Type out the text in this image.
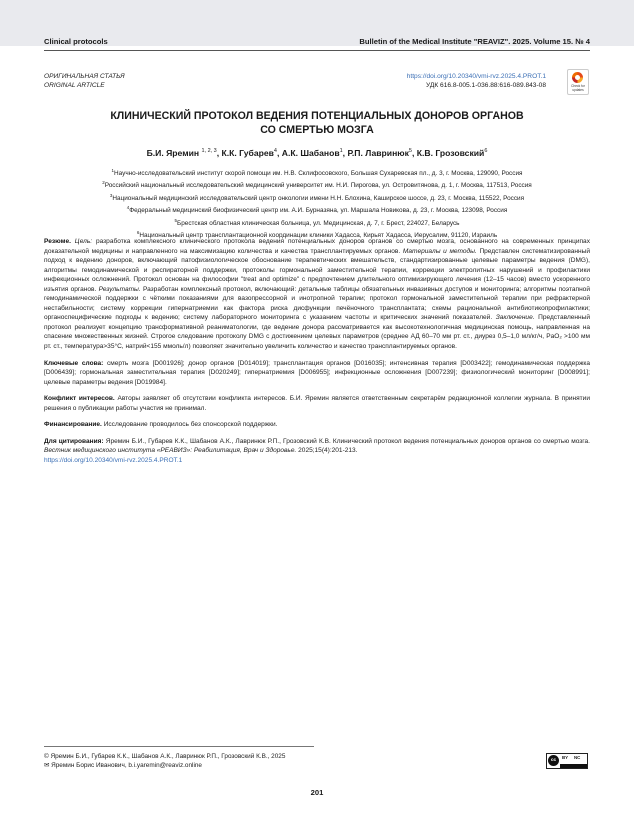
Clinical protocols	Bulletin of the Medical Institute "REAVIZ". 2025. Volume 15. № 4
ОРИГИНАЛЬНАЯ СТАТЬЯ
ORIGINAL ARTICLE
https://doi.org/10.20340/vmi-rvz.2025.4.PROT.1
УДК 616.8-005.1-036.88:616-089.843-08	Check for updates
КЛИНИЧЕСКИЙ ПРОТОКОЛ ВЕДЕНИЯ ПОТЕНЦИАЛЬНЫХ ДОНОРОВ ОРГАНОВ
СО СМЕРТЬЮ МОЗГА
Б.И. Яремин $^{1, 2, 3}$, К.К. Губарев$^4$, А.К. Шабанов$^1$, Р.П. Лавринюк$^5$, К.В. Грозовский$^6$
$^1$Научно-исследовательский институт скорой помощи им. Н.В. Склифосовского, Большая Сухаревская пл., д. 3, г. Москва, 129090, Россия
$^2$Российский национальный исследовательский медицинский университет им. Н.И. Пирогова, ул. Островитянова, д. 1, г. Москва, 117513, Россия
$^3$Национальный медицинский исследовательский центр онкологии имени Н.Н. Блохина, Каширское шоссе, д. 23, г. Москва, 115522, Россия
$^4$Федеральный медицинский биофизический центр им. А.И. Бурназяна, ул. Маршала Новикова, д. 23, г. Москва, 123098, Россия
$^5$Брестская областная клиническая больница, ул. Медицинская, д. 7, г. Брест, 224027, Беларусь
$^6$Национальный центр трансплантационной координации клиники Хадасса, Кирьят Хадасса, Иерусалим, 91120, Израиль

Резюме. Цель: разработка комплексного клинического протокола ведения потенциальных доноров органов со смертью мозга, основанного на современных принципах доказательной медицины и направленного на максимизацию количества и качества трансплантируемых органов. Материалы и методы. Представлен систематизированный подход к ведению доноров, включающий патофизиологическое обоснование терапевтических вмешательств, стандартизированные целевые параметры ведения (DMG), алгоритмы гемодинамической и респираторной поддержки, протоколы гормональной заместительной терапии, коррекции электролитных нарушений и профилактики инфекционных осложнений. Протокол основан на философии "treat and optimize" с предпочтением длительного оптимизирующего лечения (12–15 часов) вместо ускоренного изъятия органов. Результаты. Разработан комплексный протокол, включающий: детальные таблицы обязательных инвазивных доступов и мониторинга; алгоритмы поэтапной гемодинамической поддержки с чёткими показаниями для вазопрессорной и инотропной терапии; протокол гормональной заместительной терапии при рефрактерной нестабильности; систему коррекции гипернатриемии как фактора риска дисфункции печёночного трансплантата; схемы рациональной антибиотикопрофилактики; органоспецифические подходы к ведению; систему лабораторного мониторинга с указанием частоты и критических значений показателей. Заключение. Представленный протокол реализует концепцию трансформативной реаниматологии, где ведение донора рассматривается как высокотехнологичная медицинская помощь, направленная на спасение множественных жизней. Строгое следование протоколу DMG с достижением целевых параметров (среднее АД 60–70 мм рт. ст., диурез 0,5–1,0 мл/кг/ч, PaO₂ >100 мм рт. ст., температура>35°C, натрий<155 ммоль/л) позволяет значительно увеличить количество и качество трансплантируемых органов.

Ключевые слова: смерть мозга [D001926]; донор органов [D014019]; трансплантация органов [D016035]; интенсивная терапия [D003422]; гемодинамическая поддержка [D006439]; гормональная заместительная терапия [D020249]; гипернатриемия [D006955]; инфекционные осложнения [D007239]; физиологический мониторинг [D008991]; целевые параметры ведения [D019984].

Конфликт интересов. Авторы заявляет об отсутствии конфликта интересов. Б.И. Яремин является ответственным секретарём редакционной коллегии журнала. В принятии решения о публикации работы участия не принимал.

Финансирование. Исследование проводилось без спонсорской поддержки.

Для цитирования: Яремин Б.И., Губарев К.К., Шабанов А.К., Лавринюк Р.П., Грозовский К.В. Клинический протокол ведения потенциальных доноров органов со смертью мозга. Вестник медицинского института «РЕАВИЗ»: Реабилитация, Врач и Здоровье. 2025;15(4):201-213.
https://doi.org/10.20340/vmi-rvz.2025.4.PROT.1

© Яремин Б.И., Губарев К.К., Шабанов А.К., Лавринюк Р.П., Грозовский К.В., 2025
✉ Яремин Борис Иванович, b.i.yaremin@reaviz.online
cc
BY NC
201
